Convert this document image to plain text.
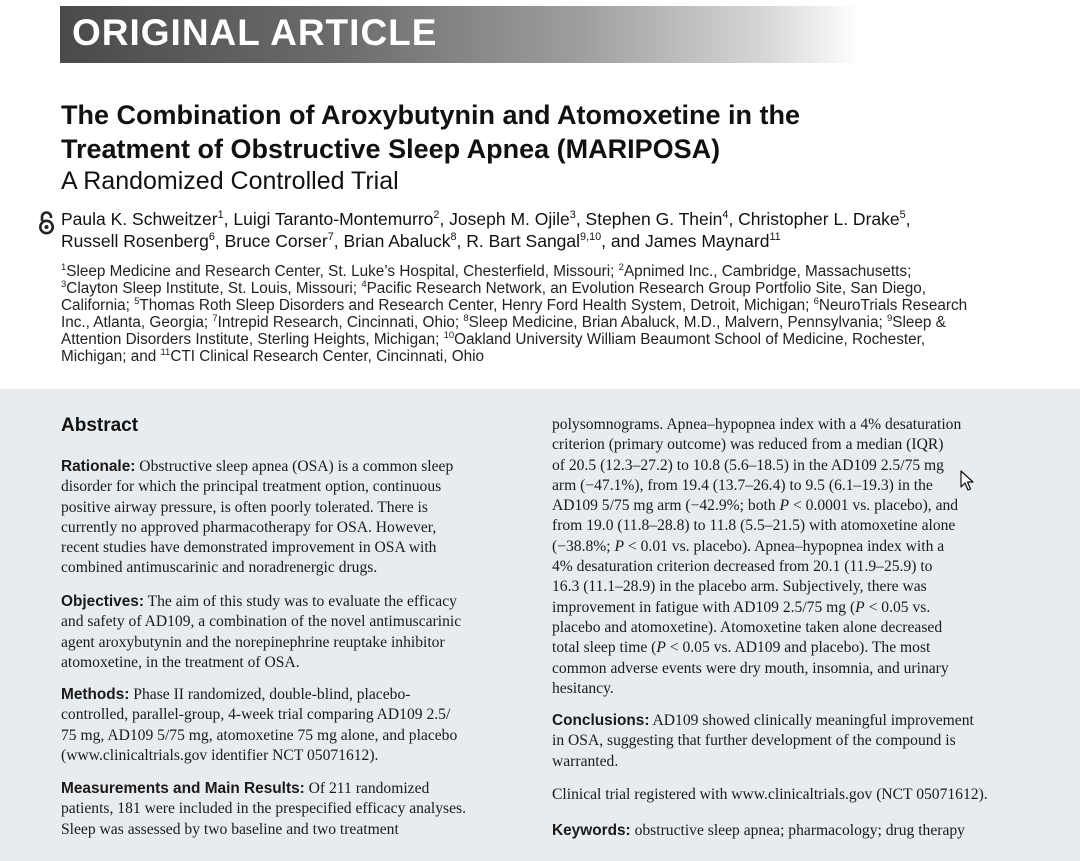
ORIGINAL ARTICLE
The Combination of Aroxybutynin and Atomoxetine in the
Treatment of Obstructive Sleep Apnea (MARIPOSA)
A Randomized Controlled Trial
Paula K. Schweitzer$^1$, Luigi Taranto-Montemurro$^2$, Joseph M. Ojile$^3$, Stephen G. Thein$^4$, Christopher L. Drake$^5$,
Russell Rosenberg$^6$, Bruce Corser$^7$, Brian Abaluck$^8$, R. Bart Sangal$^{9,10}$, and James Maynard$^{11}$
$^1$Sleep Medicine and Research Center, St. Luke’s Hospital, Chesterfield, Missouri; $^2$Apnimed Inc., Cambridge, Massachusetts;
$^3$Clayton Sleep Institute, St. Louis, Missouri; $^4$Pacific Research Network, an Evolution Research Group Portfolio Site, San Diego,
California; $^5$Thomas Roth Sleep Disorders and Research Center, Henry Ford Health System, Detroit, Michigan; $^6$NeuroTrials Research
Inc., Atlanta, Georgia; $^7$Intrepid Research, Cincinnati, Ohio; $^8$Sleep Medicine, Brian Abaluck, M.D., Malvern, Pennsylvania; $^9$Sleep &
Attention Disorders Institute, Sterling Heights, Michigan; $^{10}$Oakland University William Beaumont School of Medicine, Rochester,
Michigan; and $^{11}$CTI Clinical Research Center, Cincinnati, Ohio
Abstract

Rationale: Obstructive sleep apnea (OSA) is a common sleep
disorder for which the principal treatment option, continuous
positive airway pressure, is often poorly tolerated. There is
currently no approved pharmacotherapy for OSA. However,
recent studies have demonstrated improvement in OSA with
combined antimuscarinic and noradrenergic drugs.

Objectives: The aim of this study was to evaluate the efficacy
and safety of AD109, a combination of the novel antimuscarinic
agent aroxybutynin and the norepinephrine reuptake inhibitor
atomoxetine, in the treatment of OSA.

Methods: Phase II randomized, double-blind, placebo-
controlled, parallel-group, 4-week trial comparing AD109 2.5/
75 mg, AD109 5/75 mg, atomoxetine 75 mg alone, and placebo
(www.clinicaltrials.gov identifier NCT 05071612).

Measurements and Main Results: Of 211 randomized
patients, 181 were included in the prespecified efficacy analyses.
Sleep was assessed by two baseline and two treatment

polysomnograms. Apnea–hypopnea index with a 4% desaturation
criterion (primary outcome) was reduced from a median (IQR)
of 20.5 (12.3–27.2) to 10.8 (5.6–18.5) in the AD109 2.5/75 mg
arm (−47.1%), from 19.4 (13.7–26.4) to 9.5 (6.1–19.3) in the
AD109 5/75 mg arm (−42.9%; both P < 0.0001 vs. placebo), and
from 19.0 (11.8–28.8) to 11.8 (5.5–21.5) with atomoxetine alone
(−38.8%; P < 0.01 vs. placebo). Apnea–hypopnea index with a
4% desaturation criterion decreased from 20.1 (11.9–25.9) to
16.3 (11.1–28.9) in the placebo arm. Subjectively, there was
improvement in fatigue with AD109 2.5/75 mg (P < 0.05 vs.
placebo and atomoxetine). Atomoxetine taken alone decreased
total sleep time (P < 0.05 vs. AD109 and placebo). The most
common adverse events were dry mouth, insomnia, and urinary
hesitancy.

Conclusions: AD109 showed clinically meaningful improvement
in OSA, suggesting that further development of the compound is
warranted.

Clinical trial registered with www.clinicaltrials.gov (NCT 05071612).

Keywords: obstructive sleep apnea; pharmacology; drug therapy
